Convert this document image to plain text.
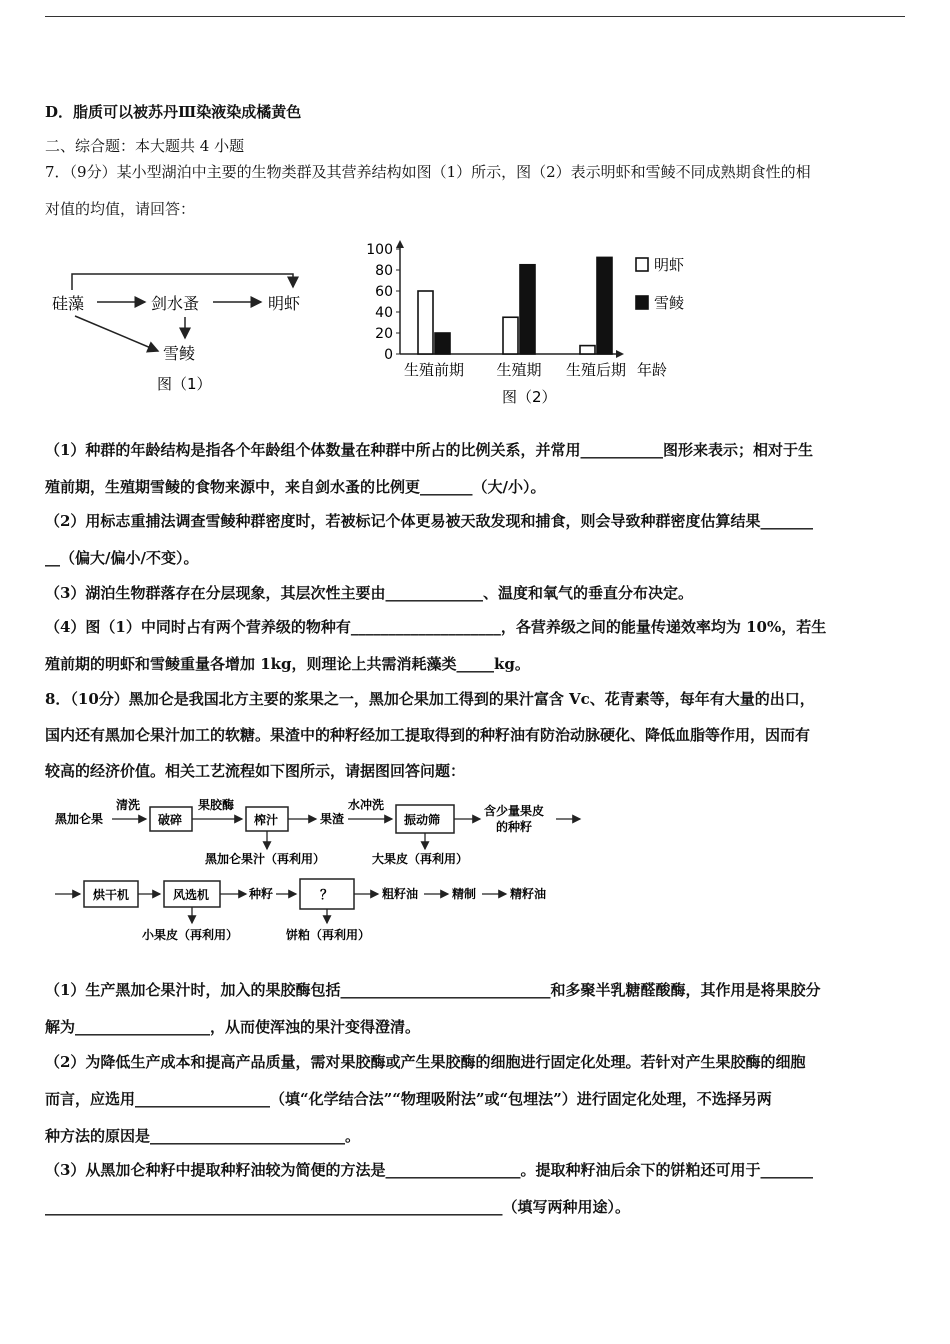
D．脂质可以被苏丹Ⅲ染液染成橘黄色
二、综合题：本大题共 4 小题
7．（9分）某小型湖泊中主要的生物类群及其营养结构如图（1）所示，图（2）表示明虾和雪鲮不同成熟期食性的相
对值的均值，请回答：
硅藻	剑水蚤	明虾
雪鲮
图（1）
100
80
60
40
20
0
生殖前期 生殖期 生殖后期 年龄
明虾
雪鲮
图（2）
（1）种群的年龄结构是指各个年龄组个体数量在种群中所占的比例关系，并常用___________图形来表示；相对于生
殖前期，生殖期雪鲮的食物来源中，来自剑水蚤的比例更_______（大/小）。
（2）用标志重捕法调查雪鲮种群密度时，若被标记个体更易被天敌发现和捕食，则会导致种群密度估算结果_______
__（偏大/偏小/不变）。
（3）湖泊生物群落存在分层现象，其层次性主要由_____________、温度和氧气的垂直分布决定。
（4）图（1）中同时占有两个营养级的物种有____________________，各营养级之间的能量传递效率均为 10%，若生
殖前期的明虾和雪鲮重量各增加 1kg，则理论上共需消耗藻类_____kg。
8．（10分）黑加仑是我国北方主要的浆果之一，黑加仑果加工得到的果汁富含 Vc、花青素等，每年有大量的出口，
国内还有黑加仑果汁加工的软糖。果渣中的种籽经加工提取得到的种籽油有防治动脉硬化、降低血脂等作用，因而有
较高的经济价值。相关工艺流程如下图所示，请据图回答问题：
黑加仑果
清洗
破碎
果胶酶
榨汁	果渣
水冲洗
振动筛
含少量果皮
的种籽
黑加仑果汁（再利用）	大果皮（再利用）
烘干机	风选机	种籽	？	粗籽油	精制	精籽油
小果皮（再利用）	饼粕（再利用）
（1）生产黑加仑果汁时，加入的果胶酶包括____________________________和多聚半乳糖醛酸酶，其作用是将果胶分
解为__________________，从而使浑浊的果汁变得澄清。
（2）为降低生产成本和提高产品质量，需对果胶酶或产生果胶酶的细胞进行固定化处理。若针对产生果胶酶的细胞
而言，应选用__________________（填“化学结合法”“物理吸附法”或“包埋法”）进行固定化处理，不选择另两
种方法的原因是__________________________。
（3）从黑加仑种籽中提取种籽油较为简便的方法是__________________。提取种籽油后余下的饼粕还可用于_______
_____________________________________________________________（填写两种用途）。
